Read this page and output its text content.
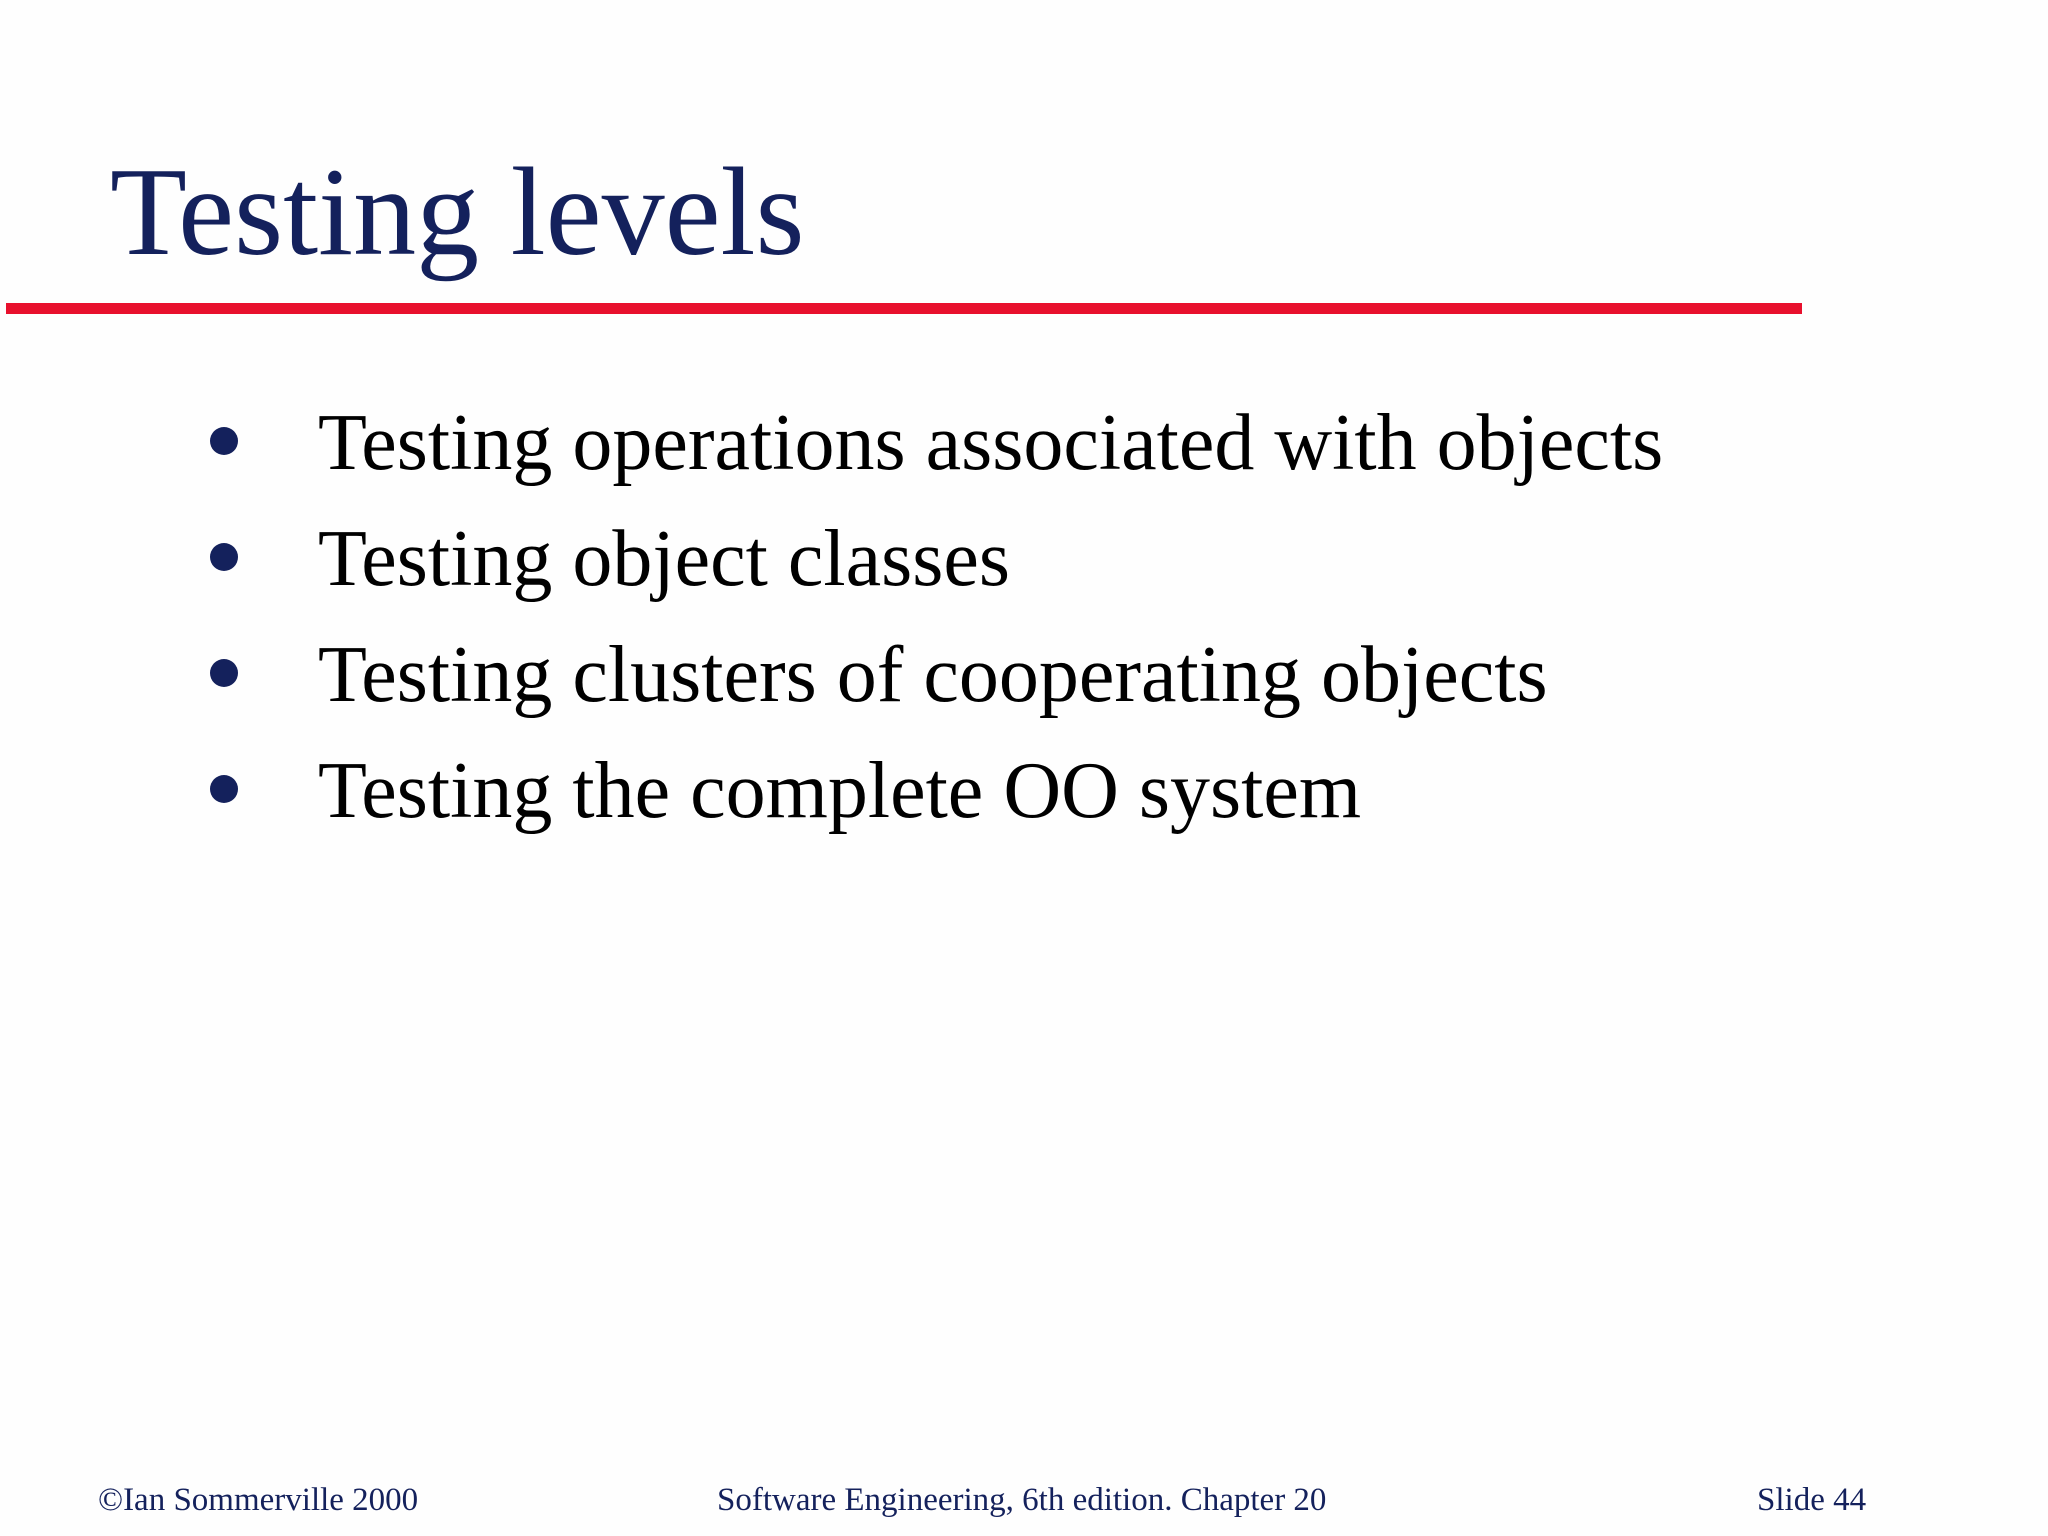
Testing levels
Testing operations associated with objects
Testing object classes
Testing clusters of cooperating objects
Testing the complete OO system
©Ian Sommerville 2000	Software Engineering, 6th edition. Chapter 20	Slide 44
